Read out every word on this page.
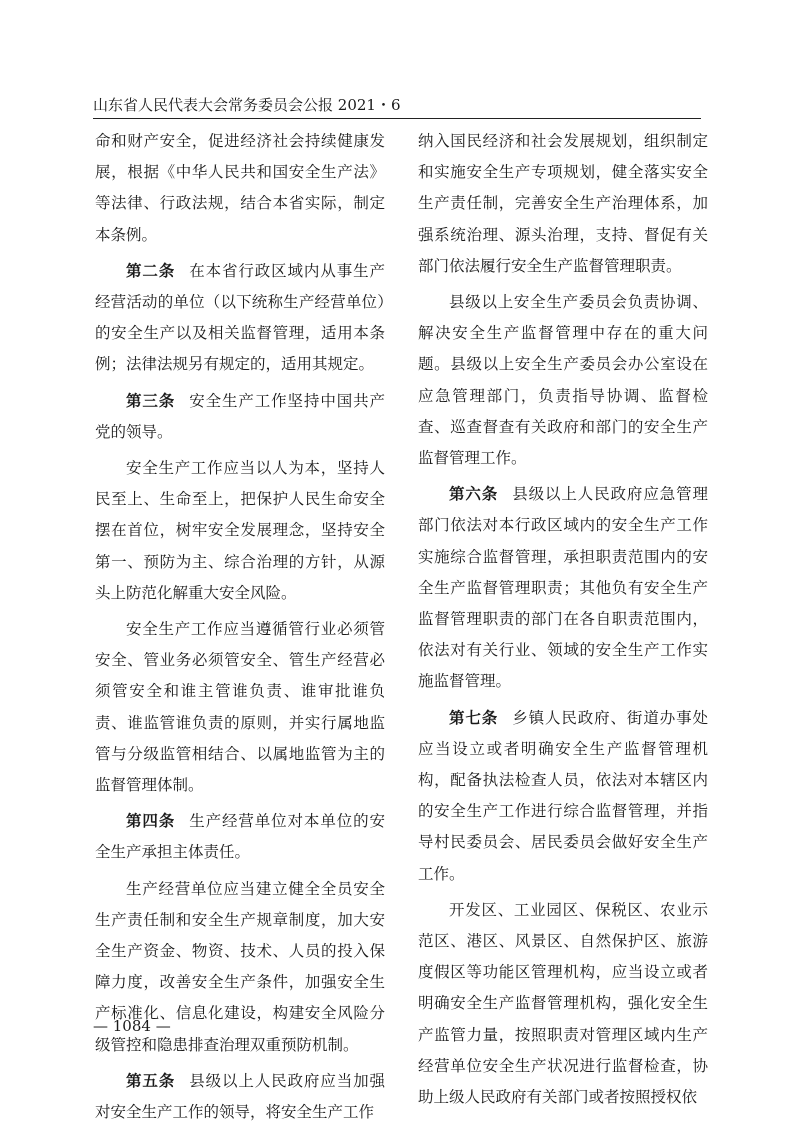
山东省人民代表大会常务委员会公报 2021・6

命和财产安全，促进经济社会持续健康发展，根据《中华人民共和国安全生产法》等法律、行政法规，结合本省实际，制定本条例。

第二条 在本省行政区域内从事生产经营活动的单位（以下统称生产经营单位）的安全生产以及相关监督管理，适用本条例；法律法规另有规定的，适用其规定。

第三条 安全生产工作坚持中国共产党的领导。

安全生产工作应当以人为本，坚持人民至上、生命至上，把保护人民生命安全摆在首位，树牢安全发展理念，坚持安全第一、预防为主、综合治理的方针，从源头上防范化解重大安全风险。

安全生产工作应当遵循管行业必须管安全、管业务必须管安全、管生产经营必须管安全和谁主管谁负责、谁审批谁负责、谁监管谁负责的原则，并实行属地监管与分级监管相结合、以属地监管为主的监督管理体制。

第四条 生产经营单位对本单位的安全生产承担主体责任。

生产经营单位应当建立健全全员安全生产责任制和安全生产规章制度，加大安全生产资金、物资、技术、人员的投入保障力度，改善安全生产条件，加强安全生产标准化、信息化建设，构建安全风险分级管控和隐患排查治理双重预防机制。

第五条 县级以上人民政府应当加强对安全生产工作的领导，将安全生产工作

纳入国民经济和社会发展规划，组织制定和实施安全生产专项规划，健全落实安全生产责任制，完善安全生产治理体系，加强系统治理、源头治理，支持、督促有关部门依法履行安全生产监督管理职责。

县级以上安全生产委员会负责协调、解决安全生产监督管理中存在的重大问题。县级以上安全生产委员会办公室设在应急管理部门，负责指导协调、监督检查、巡查督查有关政府和部门的安全生产监督管理工作。

第六条 县级以上人民政府应急管理部门依法对本行政区域内的安全生产工作实施综合监督管理，承担职责范围内的安全生产监督管理职责；其他负有安全生产监督管理职责的部门在各自职责范围内，依法对有关行业、领域的安全生产工作实施监督管理。

第七条 乡镇人民政府、街道办事处应当设立或者明确安全生产监督管理机构，配备执法检查人员，依法对本辖区内的安全生产工作进行综合监督管理，并指导村民委员会、居民委员会做好安全生产工作。

开发区、工业园区、保税区、农业示范区、港区、风景区、自然保护区、旅游度假区等功能区管理机构，应当设立或者明确安全生产监督管理机构，强化安全生产监管力量，按照职责对管理区域内生产经营单位安全生产状况进行监督检查，协助上级人民政府有关部门或者按照授权依

— 1084 —
